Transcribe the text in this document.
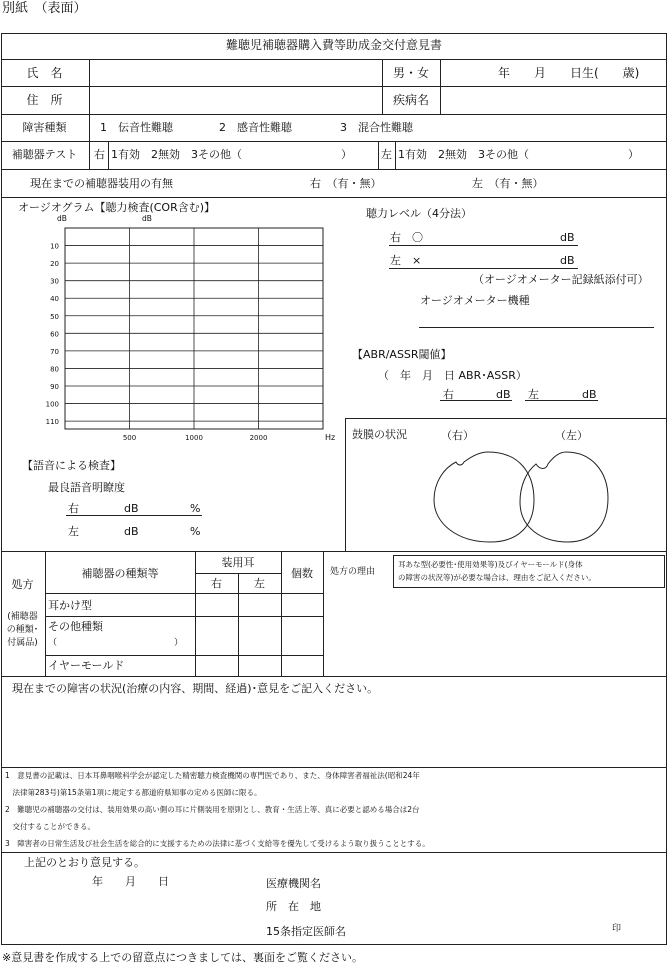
別紙　（表面）
難聴児補聴器購入費等助成金交付意見書
氏　名	男・女	年　　月　　日生(　　歳)
住　所	疾病名
障害種類	1　伝音性難聴	2　感音性難聴	3　混合性難聴
補聴器テスト	右 1有効　2無効　3その他（　　　　　　　　　）	左 1有効　2無効　3その他（　　　　　　　　　）
現在までの補聴器装用の有無	右　（有・無）	左　（有・無）
オージオグラム【聴力検査(COR含む)】
dB	dB
10
20
30
40
50
60
70
80
90
100
110
500	1000	2000	Hz
聴力レベル（4分法）
右　〇	dB
左　×	dB
（オージオメーター記録紙添付可）
オージオメーター機種
【ABR/ASSR閾値】
（　年　月　日 ABR･ASSR）
右	dB 左	dB
鼓膜の状況	（右）	（左）
【語音による検査】
最良語音明瞭度
右	dB	%
左	dB	%
処方
(補聴器
の種類･
付属品)
補聴器の種類等
装用耳
右	左
個数	処方の理由
耳あな型(必要性･使用効果等)及びイヤーモールド(身体
の障害の状況等)が必要な場合は、理由をご記入ください。
耳かけ型
その他種類
（　　　　　　　　　　　　　）
イヤーモールド
現在までの障害の状況(治療の内容、期間、経過)･意見をご記入ください。
1　意見書の記載は、日本耳鼻咽喉科学会が認定した精密聴力検査機関の専門医であり、また、身体障害者福祉法(昭和24年
　法律第283号)第15条第1項に規定する都道府県知事の定める医師に限る。
2　難聴児の補聴器の交付は、装用効果の高い側の耳に片側装用を原則とし、教育・生活上等、真に必要と認める場合は2台
　交付することができる。
3　障害者の日常生活及び社会生活を総合的に支援するための法律に基づく支給等を優先して受けるよう取り扱うこととする。
上記のとおり意見する。
年　　月　　日	医療機関名
所　在　地
15条指定医師名	印
※意見書を作成する上での留意点につきましては、裏面をご覧ください。
